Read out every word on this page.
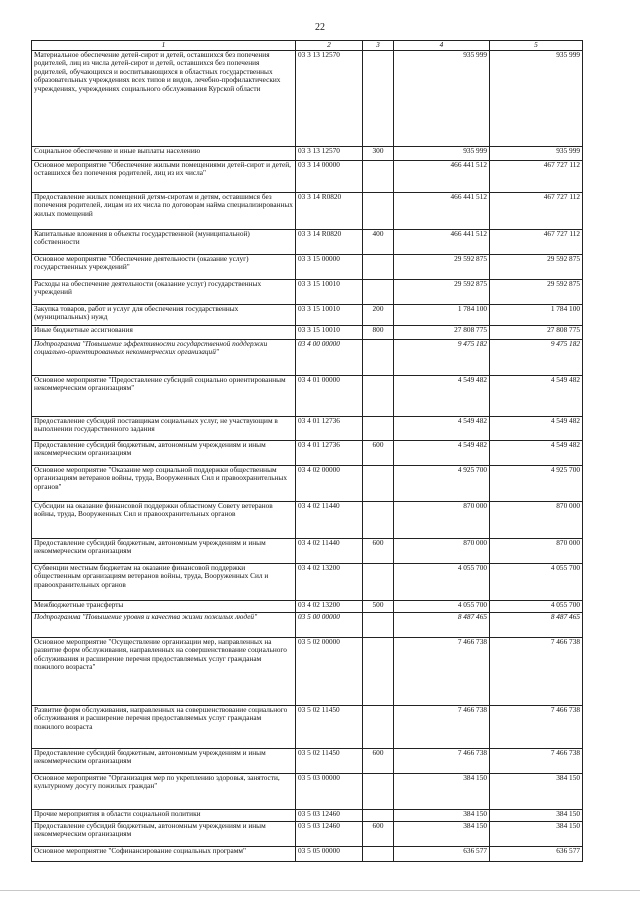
22
1	2	3	4	5
Материальное обеспечение детей-сирот и детей, оставшихся без попечения родителей, лиц из числа детей-сирот и детей, оставшихся без попечения родителей, обучающихся и воспитывающихся в областных государственных образовательных учреждениях всех типов и видов, лечебно-профилактических учреждениях, учреждениях социального обслуживания Курской области	03 3 13 12570		935 999	935 999
Социальное обеспечение и иные выплаты населению	03 3 13 12570	300	935 999	935 999
Основное мероприятие "Обеспечение жилыми помещениями детей-сирот и детей, оставшихся без попечения родителей, лиц из их числа"	03 3 14 00000		466 441 512	467 727 112
Предоставление жилых помещений детям-сиротам и детям, оставшимся без попечения родителей, лицам из их числа по договорам найма специализированных жилых помещений	03 3 14 R0820		466 441 512	467 727 112
Капитальные вложения в объекты государственной (муниципальной) собственности	03 3 14 R0820	400	466 441 512	467 727 112
Основное мероприятие "Обеспечение деятельности (оказание услуг) государственных учреждений"	03 3 15 00000		29 592 875	29 592 875
Расходы на обеспечение деятельности (оказание услуг) государственных учреждений	03 3 15 10010		29 592 875	29 592 875
Закупка товаров, работ и услуг для обеспечения государственных (муниципальных) нужд	03 3 15 10010	200	1 784 100	1 784 100
Иные бюджетные ассигнования	03 3 15 10010	800	27 808 775	27 808 775
Подпрограмма "Повышение эффективности государственной поддержки социально-ориентированных некоммерческих организаций"	03 4 00 00000		9 475 182	9 475 182
Основное мероприятие "Предоставление субсидий социально ориентированным некоммерческим организациям"	03 4 01 00000		4 549 482	4 549 482
Предоставление субсидий поставщикам социальных услуг, не участвующим в выполнении государственного задания	03 4 01 12736		4 549 482	4 549 482
Предоставление субсидий бюджетным, автономным учреждениям и иным некоммерческим организациям	03 4 01 12736	600	4 549 482	4 549 482
Основное мероприятие "Оказание мер социальной поддержки общественным организациям ветеранов войны, труда, Вооруженных Сил и правоохранительных органов"	03 4 02 00000		4 925 700	4 925 700
Субсидии на оказание финансовой поддержки областному Совету ветеранов войны, труда, Вооруженных Сил и правоохранительных органов	03 4 02 11440		870 000	870 000
Предоставление субсидий бюджетным, автономным учреждениям и иным некоммерческим организациям	03 4 02 11440	600	870 000	870 000
Субвенции местным бюджетам на оказание финансовой поддержки общественным организациям ветеранов войны, труда, Вооруженных Сил и правоохранительных органов	03 4 02 13200		4 055 700	4 055 700
Межбюджетные трансферты	03 4 02 13200	500	4 055 700	4 055 700
Подпрограмма "Повышение уровня и качества жизни пожилых людей"	03 5 00 00000		8 487 465	8 487 465
Основное мероприятие "Осуществление организации мер, направленных на развитие форм обслуживания, направленных на совершенствование социального обслуживания и расширение перечня предоставляемых услуг гражданам пожилого возраста"	03 5 02 00000		7 466 738	7 466 738
Развитие форм обслуживания, направленных на совершенствование социального обслуживания и расширение перечня предоставляемых услуг гражданам пожилого возраста	03 5 02 11450		7 466 738	7 466 738
Предоставление субсидий бюджетным, автономным учреждениям и иным некоммерческим организациям	03 5 02 11450	600	7 466 738	7 466 738
Основное мероприятие "Организация мер по укреплению здоровья, занятости, культурному досугу пожилых граждан"	03 5 03 00000		384 150	384 150
Прочие мероприятия в области социальной политики	03 5 03 12460		384 150	384 150
Предоставление субсидий бюджетным, автономным учреждениям и иным некоммерческим организациям	03 5 03 12460	600	384 150	384 150
Основное мероприятие "Софинансирование социальных программ"	03 5 05 00000		636 577	636 577
